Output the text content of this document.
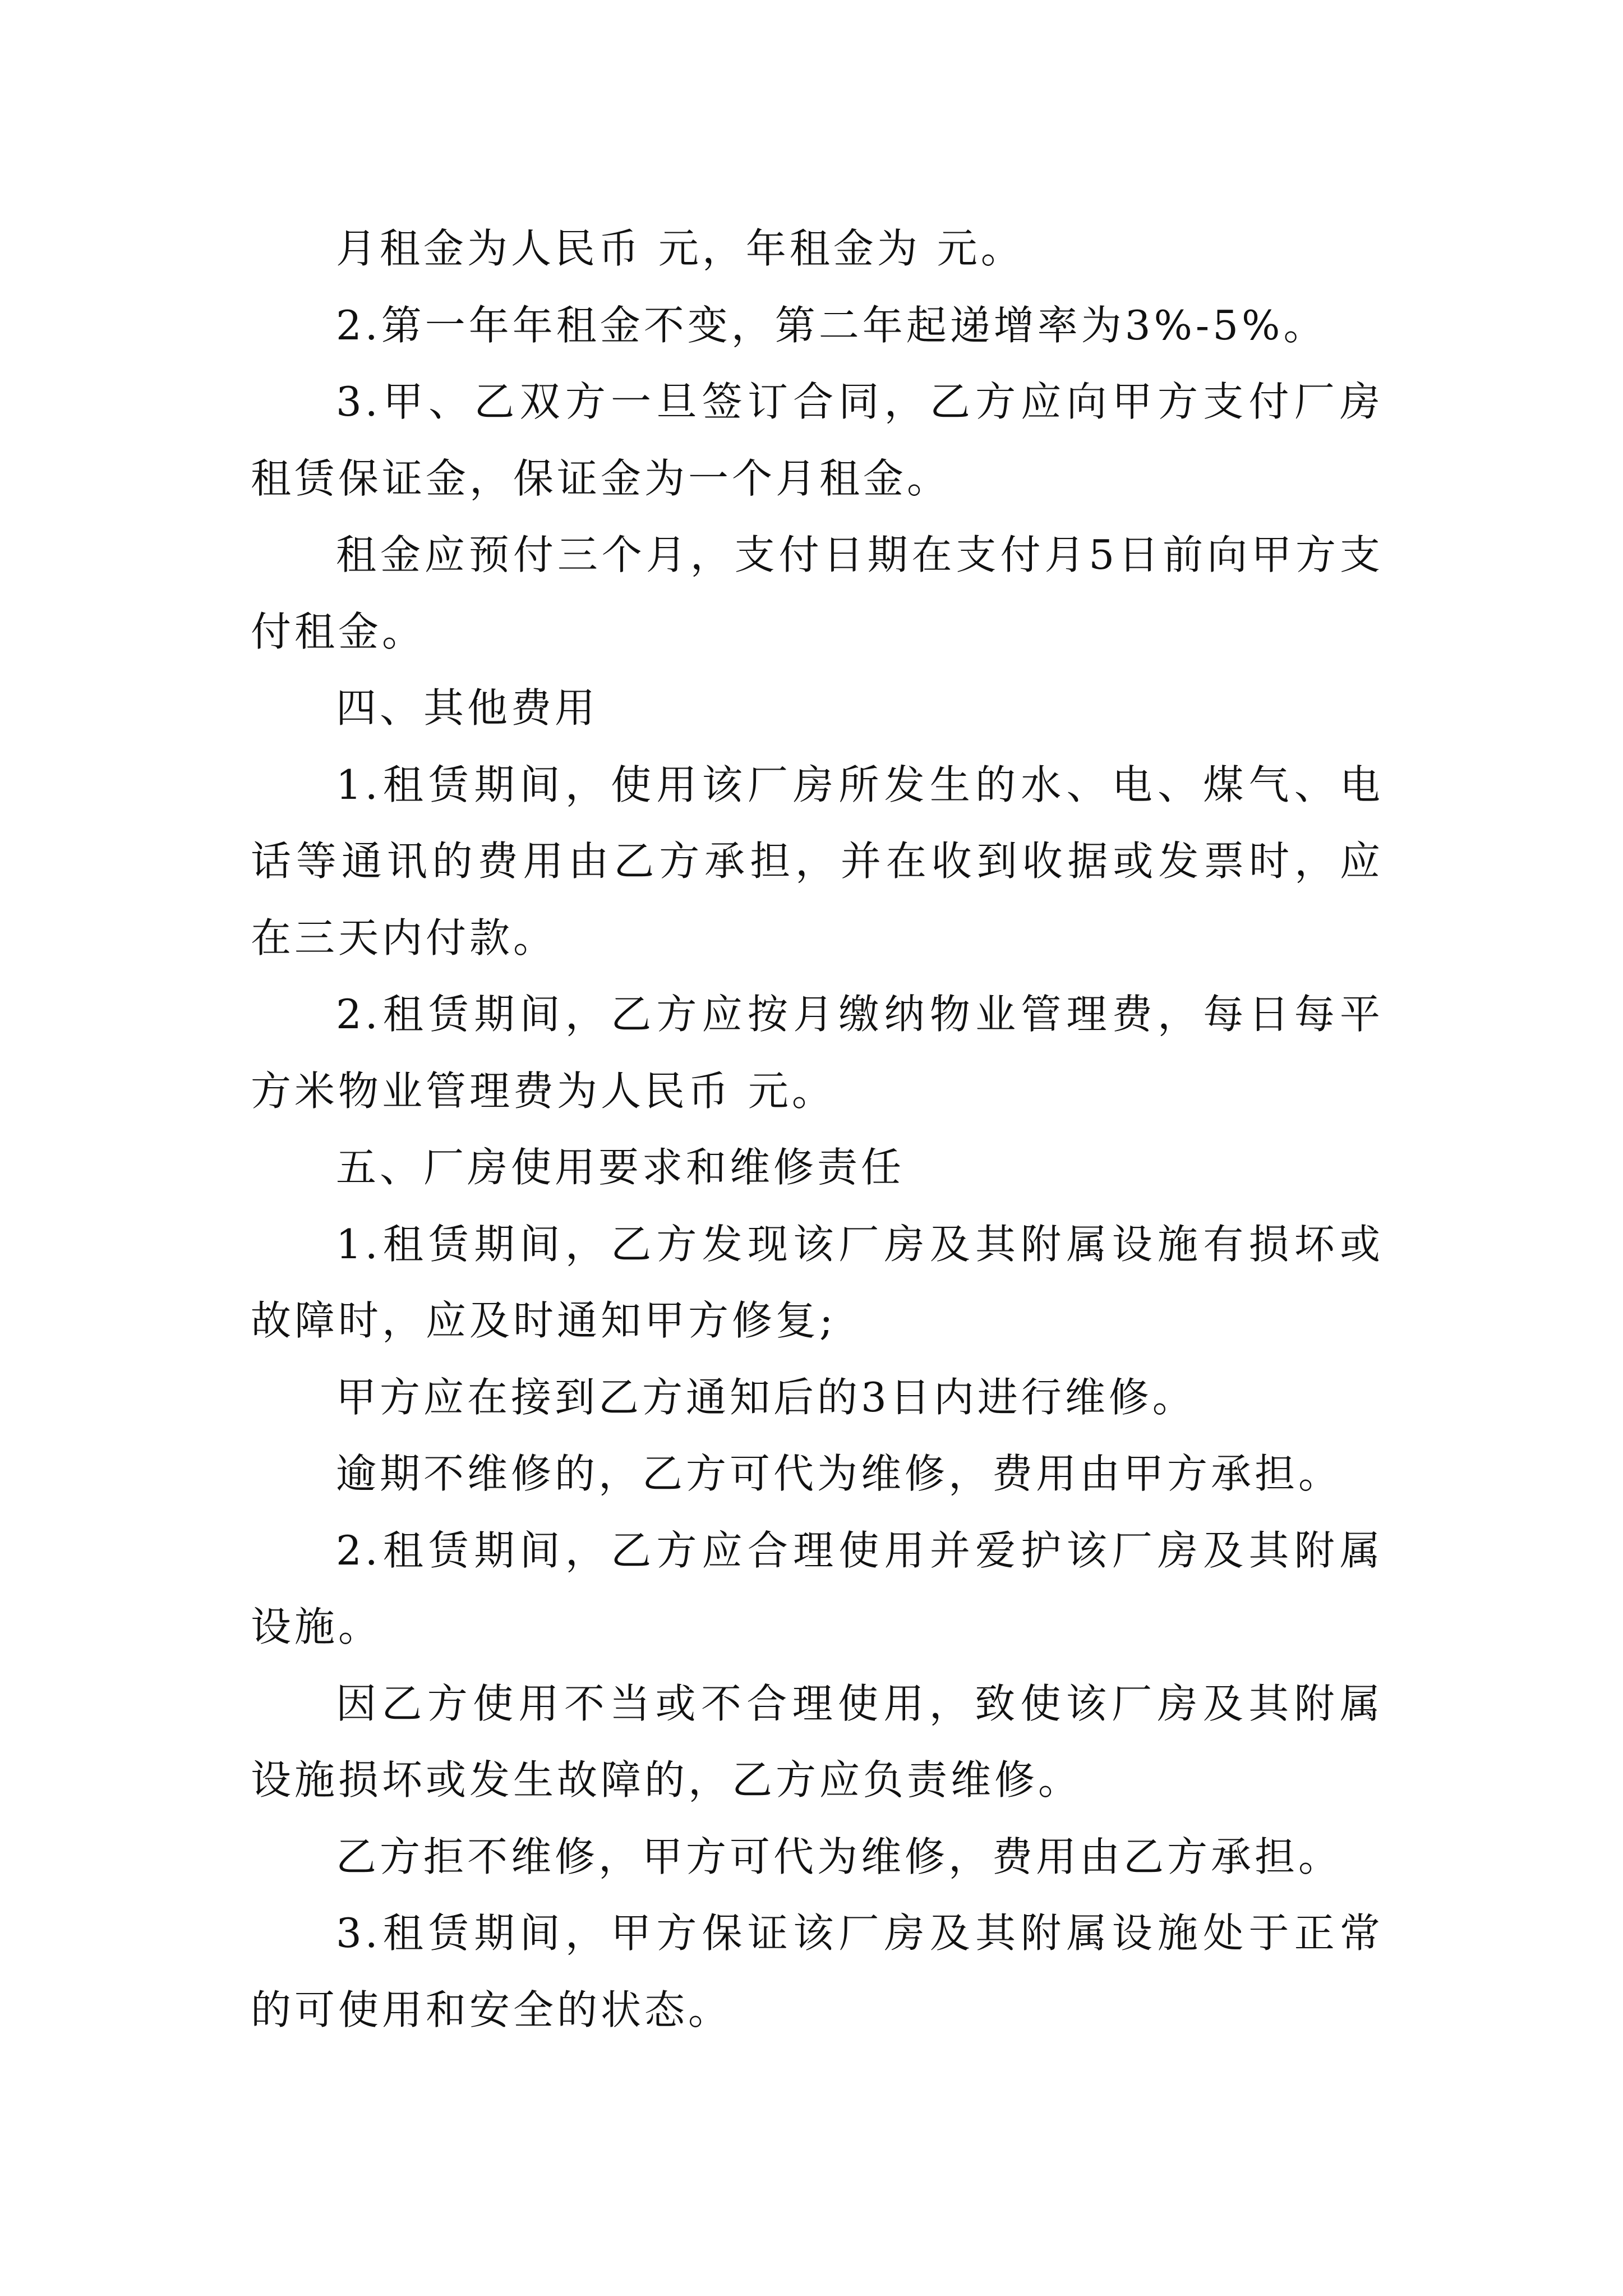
月租金为人民币 元，年租金为 元。

2.第一年年租金不变，第二年起递增率为3%-5%。

3.甲、乙双方一旦签订合同，乙方应向甲方支付厂房租赁保证金，保证金为一个月租金。

租金应预付三个月，支付日期在支付月5日前向甲方支付租金。

四、其他费用

1.租赁期间，使用该厂房所发生的水、电、煤气、电话等通讯的费用由乙方承担，并在收到收据或发票时，应在三天内付款。

2.租赁期间，乙方应按月缴纳物业管理费，每日每平方米物业管理费为人民币 元。

五、厂房使用要求和维修责任

1.租赁期间，乙方发现该厂房及其附属设施有损坏或故障时，应及时通知甲方修复;

甲方应在接到乙方通知后的3日内进行维修。

逾期不维修的，乙方可代为维修，费用由甲方承担。

2.租赁期间，乙方应合理使用并爱护该厂房及其附属设施。

因乙方使用不当或不合理使用，致使该厂房及其附属设施损坏或发生故障的，乙方应负责维修。

乙方拒不维修，甲方可代为维修，费用由乙方承担。

3.租赁期间，甲方保证该厂房及其附属设施处于正常的可使用和安全的状态。
